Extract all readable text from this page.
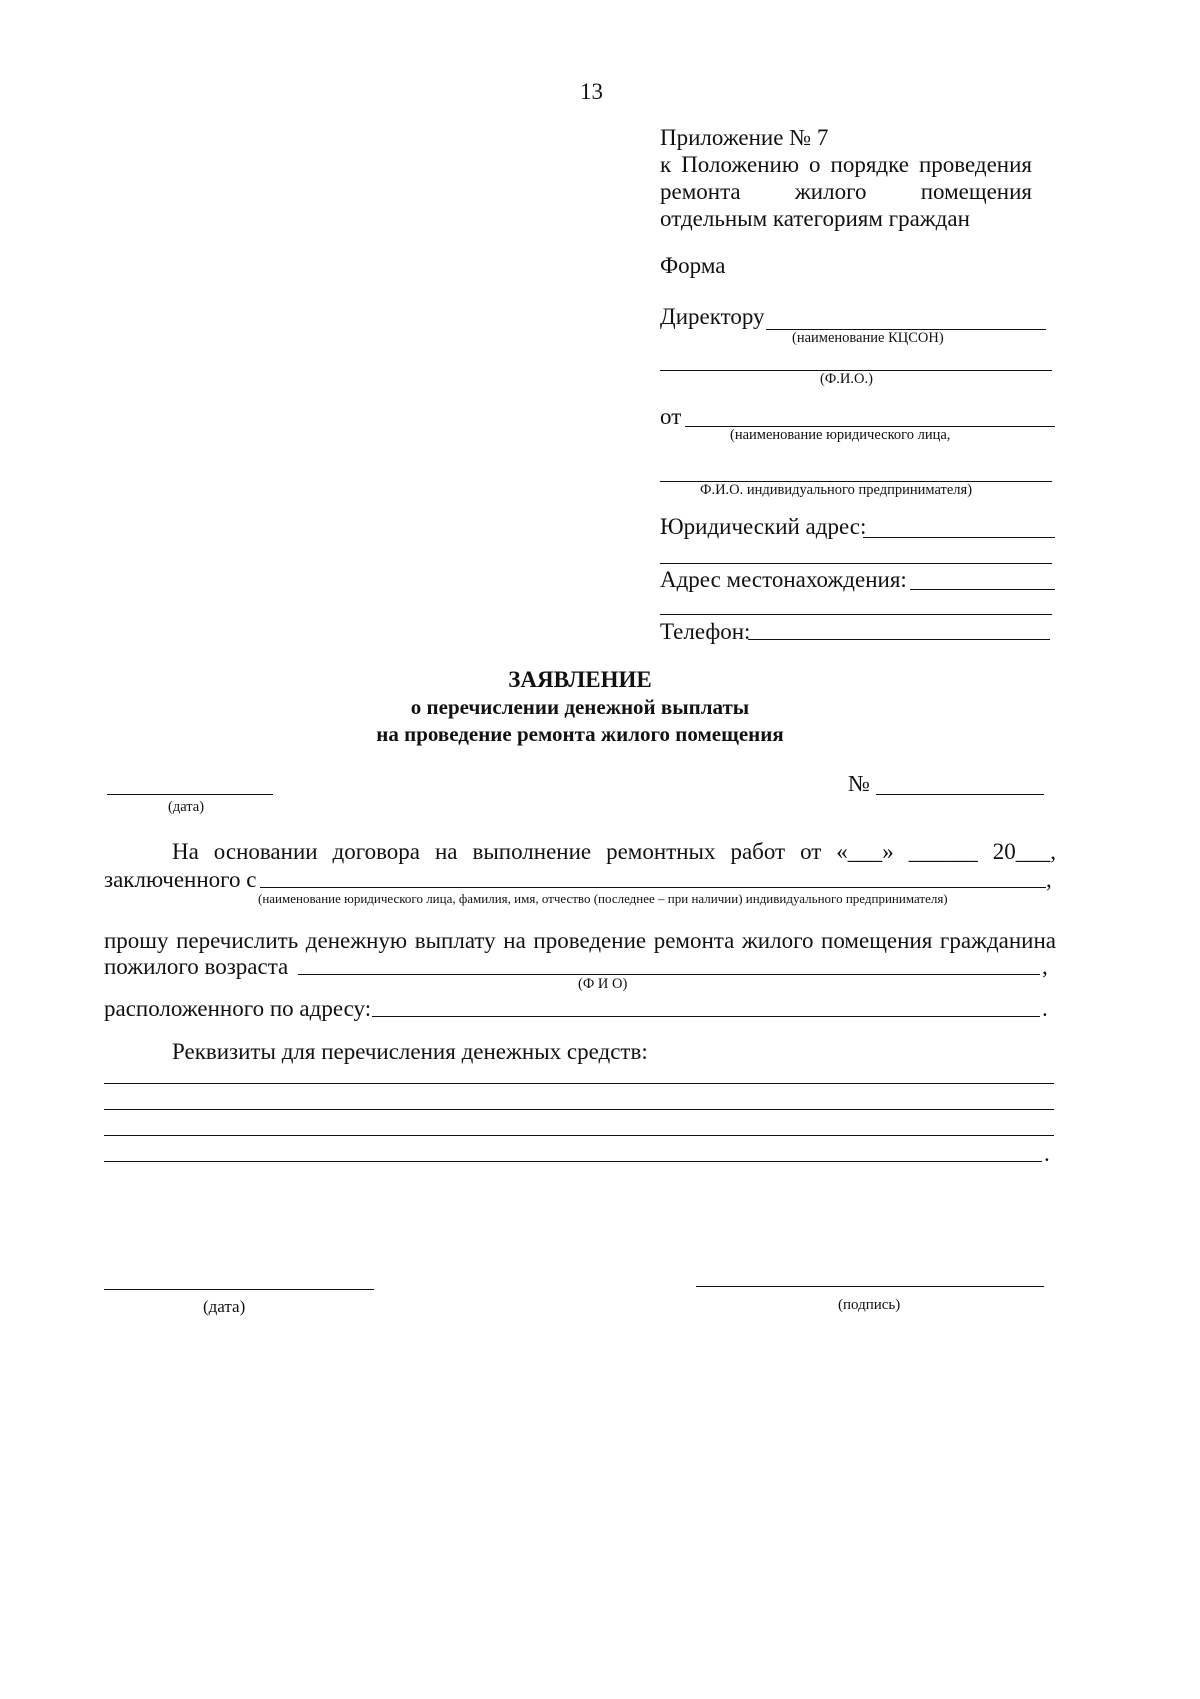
13
Приложение № 7
к Положению о порядке проведения
ремонта жилого помещения
отдельным категориям граждан
Форма
Директору
(наименование КЦСОН)
(Ф.И.О.)
от
(наименование юридического лица,
Ф.И.О. индивидуального предпринимателя)
Юридический адрес:
Адрес местонахождения:
Телефон:
ЗАЯВЛЕНИЕ
о перечислении денежной выплаты
на проведение ремонта жилого помещения
(дата)
№
На основании договора на выполнение ремонтных работ от «___» ______ 20___,
заключенного с	,
(наименование юридического лица, фамилия, имя, отчество (последнее – при наличии) индивидуального предпринимателя)
прошу перечислить денежную выплату на проведение ремонта жилого помещения гражданина
пожилого возраста	,
(Ф И О)
расположенного по адресу:	.
Реквизиты для перечисления денежных средств:
.
(дата)	(подпись)
